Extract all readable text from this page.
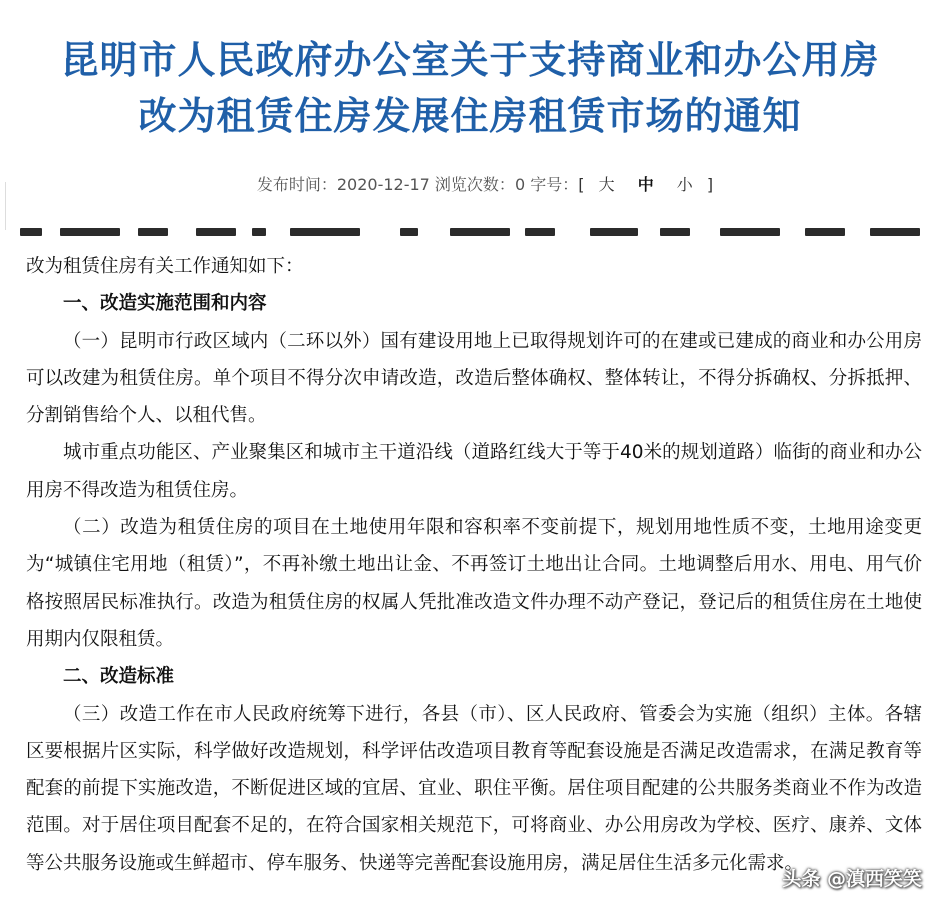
昆明市人民政府办公室关于支持商业和办公用房
改为租赁住房发展住房租赁市场的通知
发布时间：2020-12-17 浏览次数：0 字号：[ 大 中 小 ]

改为租赁住房有关工作通知如下：

一、改造实施范围和内容

（一）昆明市行政区域内（二环以外）国有建设用地上已取得规划许可的在建或已建成的商业和办公用房可以改建为租赁住房。单个项目不得分次申请改造，改造后整体确权、整体转让，不得分拆确权、分拆抵押、分割销售给个人、以租代售。

城市重点功能区、产业聚集区和城市主干道沿线（道路红线大于等于40米的规划道路）临街的商业和办公用房不得改造为租赁住房。

（二）改造为租赁住房的项目在土地使用年限和容积率不变前提下，规划用地性质不变，土地用途变更为“城镇住宅用地（租赁）”，不再补缴土地出让金、不再签订土地出让合同。土地调整后用水、用电、用气价格按照居民标准执行。改造为租赁住房的权属人凭批准改造文件办理不动产登记，登记后的租赁住房在土地使用期内仅限租赁。

二、改造标准

（三）改造工作在市人民政府统筹下进行，各县（市）、区人民政府、管委会为实施（组织）主体。各辖区要根据片区实际，科学做好改造规划，科学评估改造项目教育等配套设施是否满足改造需求，在满足教育等配套的前提下实施改造，不断促进区域的宜居、宜业、职住平衡。居住项目配建的公共服务类商业不作为改造范围。对于居住项目配套不足的，在符合国家相关规范下，可将商业、办公用房改为学校、医疗、康养、文体等公共服务设施或生鲜超市、停车服务、快递等完善配套设施用房，满足居住生活多元化需求。

头条 @滇西笑笑
